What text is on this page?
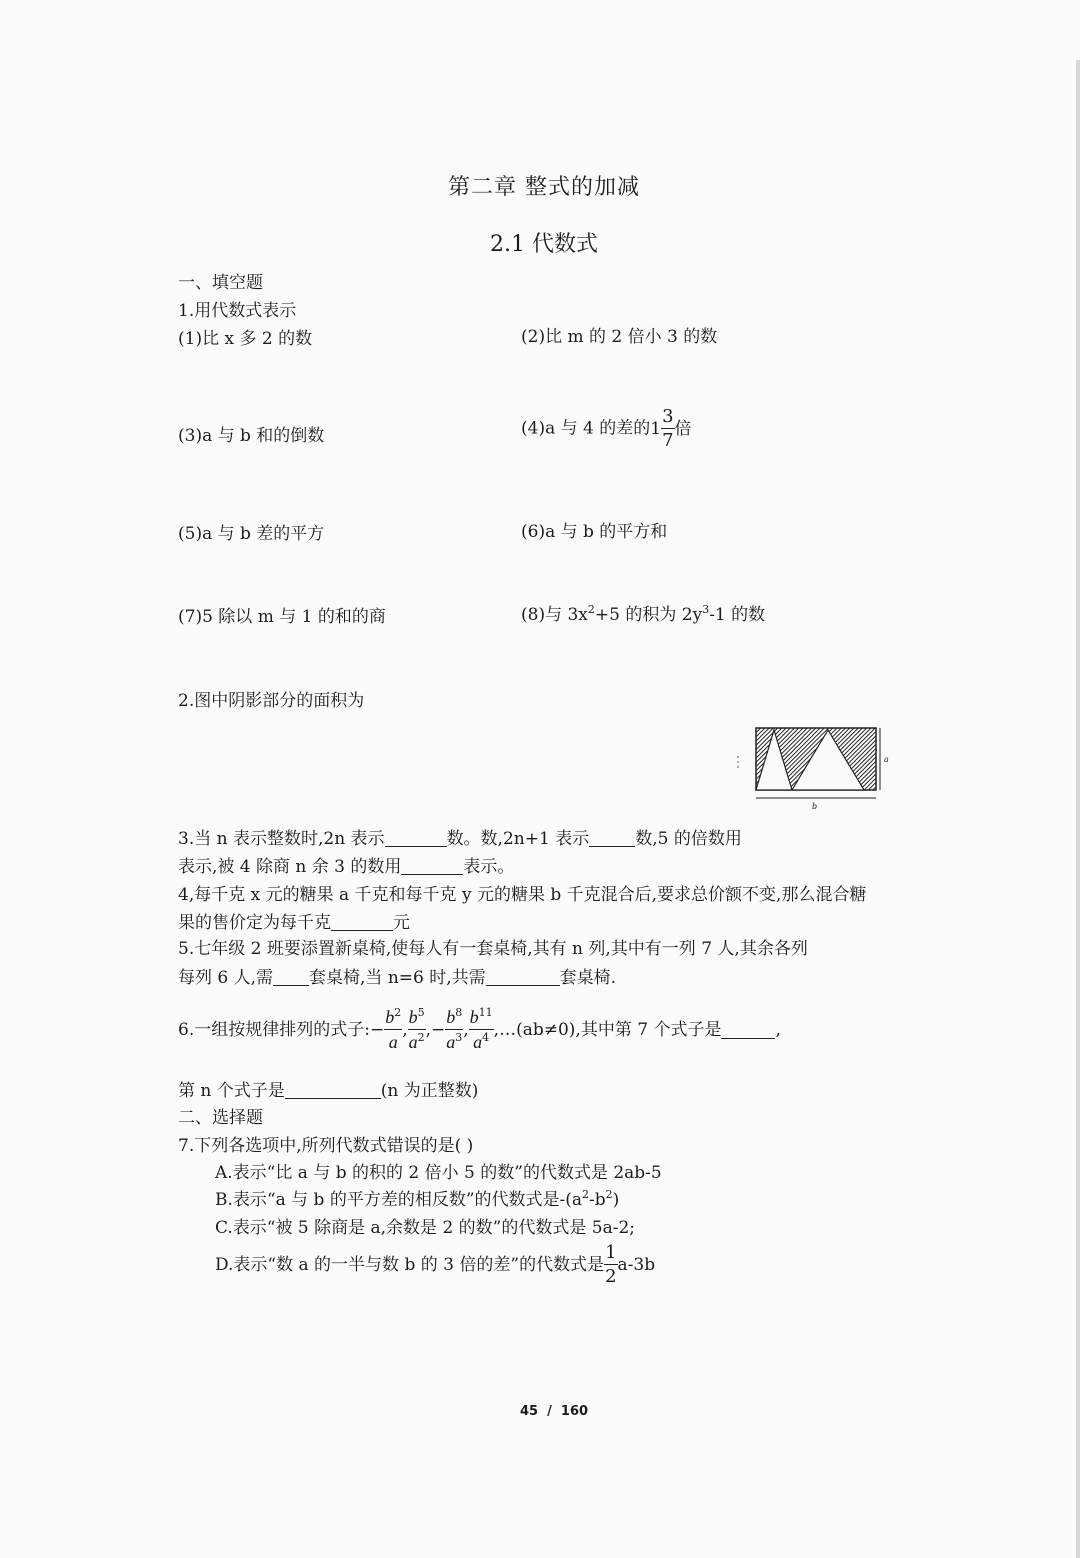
第二章 整式的加减
2.1 代数式
一、填空题
1.用代数式表示
(1)比 x 多 2 的数	(2)比 m 的 2 倍小 3 的数
(3)a 与 b 和的倒数	(4)a 与 4 的差的$1 \frac{3}{7}$ 倍
(5)a 与 b 差的平方	(6)a 与 b 的平方和
(7)5 除以 m 与 1 的和的商	(8)与 $3x^2+5$ 的积为 $2y^3-1$ 的数
2.图中阴影部分的面积为
a
b
3.当 n 表示整数时,2n 表示	数。数,2n+1 表示	数,5 的倍数用
表示,被 4 除商 n 余 3 的数用	表示。
4,每千克 x 元的糖果 a 千克和每千克 y 元的糖果 b 千克混合后,要求总价额不变,那么混合糖
果的售价定为每千克	元
5.七年级 2 班要添置新桌椅,使每人有一套桌椅,其有 n 列,其中有一列 7 人,其余各列
每列 6 人,需 套桌椅,当 n=6 时,共需	套桌椅.
6.一组按规律排列的式子:− $\frac{b^2}{a}$ , $\frac{b^5}{a^2}$ ,− $\frac{b^8}{a^3}$ , $\frac{b^{11}}{a^4}$ ,…(ab≠0),其中第 7 个式子是	,
第 n 个式子是	(n 为正整数)
二、选择题
7.下列各选项中,所列代数式错误的是( )
A.表示“比 a 与 b 的积的 2 倍小 5 的数”的代数式是 2ab-5
B.表示“a 与 b 的平方差的相反数”的代数式是$-(a^2-b^2)$
C.表示“被 5 除商是 a,余数是 2 的数”的代数式是 5a-2;
D.表示“数 a 的一半与数 b 的 3 倍的差”的代数式是 $\frac{1}{2} a-3b$
45  /  160
